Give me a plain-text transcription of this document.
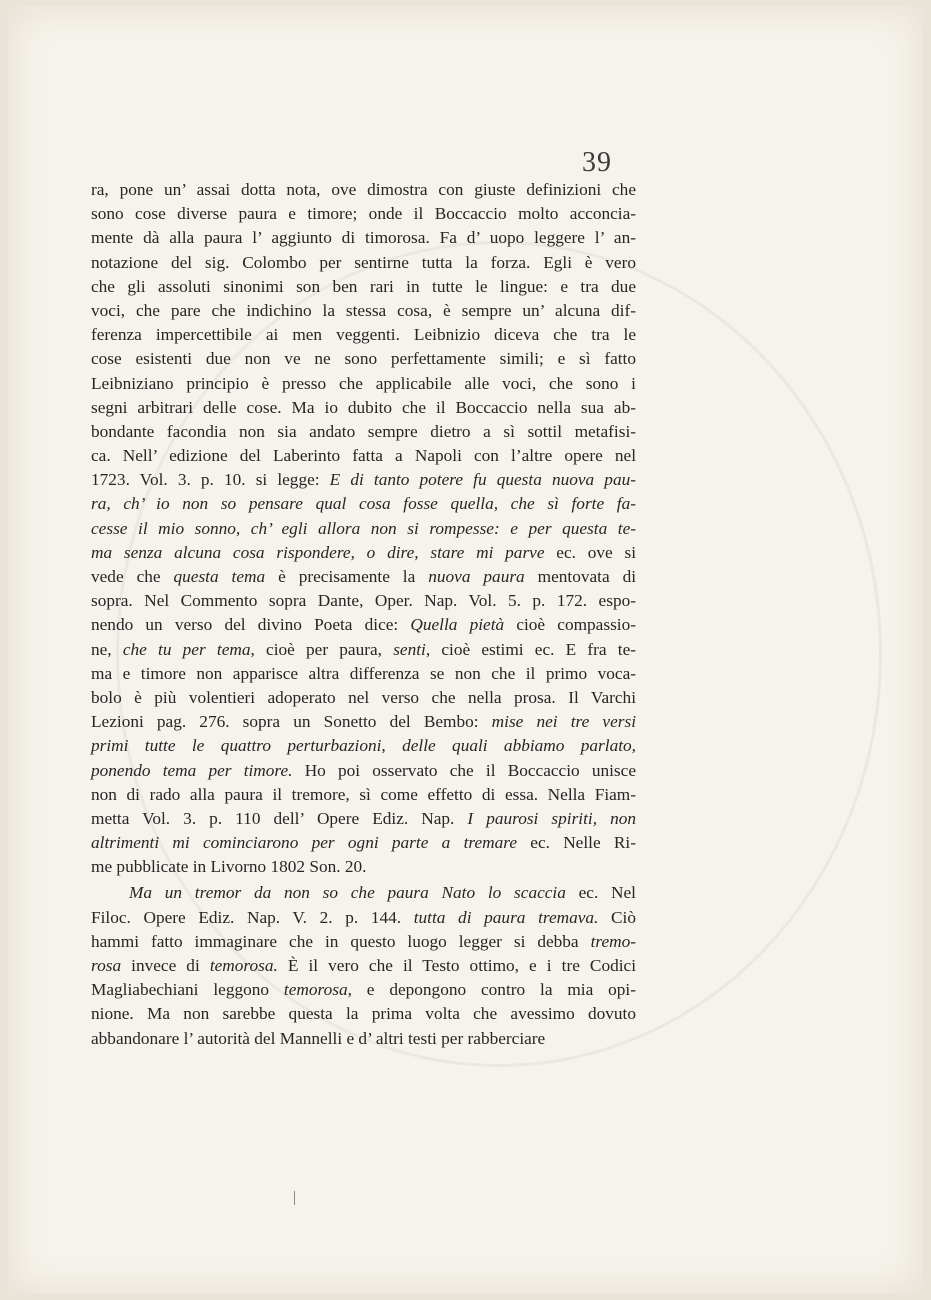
39
ra, pone un’ assai dotta nota, ove dimostra con giuste definizioni che
sono cose diverse paura e timore; onde il Boccaccio molto acconcia-
mente dà alla paura l’ aggiunto di timorosa. Fa d’ uopo leggere l’ an-
notazione del sig. Colombo per sentirne tutta la forza. Egli è vero
che gli assoluti sinonimi son ben rari in tutte le lingue: e tra due
voci, che pare che indichino la stessa cosa, è sempre un’ alcuna dif-
ferenza impercettibile ai men veggenti. Leibnizio diceva che tra le
cose esistenti due non ve ne sono perfettamente simili; e sì fatto
Leibniziano principio è presso che applicabile alle voci, che sono i
segni arbitrari delle cose. Ma io dubito che il Boccaccio nella sua ab-
bondante facondia non sia andato sempre dietro a sì sottil metafisi-
ca. Nell’ edizione del Laberinto fatta a Napoli con l’altre opere nel
1723. Vol. 3. p. 10. si legge: E di tanto potere fu questa nuova pau-
ra, ch’ io non so pensare qual cosa fosse quella, che sì forte fa-
cesse il mio sonno, ch’ egli allora non si rompesse: e per questa te-
ma senza alcuna cosa rispondere, o dire, stare mi parve ec. ove si
vede che questa tema è precisamente la nuova paura mentovata di
sopra. Nel Commento sopra Dante, Oper. Nap. Vol. 5. p. 172. espo-
nendo un verso del divino Poeta dice: Quella pietà cioè compassio-
ne, che tu per tema, cioè per paura, senti, cioè estimi ec. E fra te-
ma e timore non apparisce altra differenza se non che il primo voca-
bolo è più volentieri adoperato nel verso che nella prosa. Il Varchi
Lezioni pag. 276. sopra un Sonetto del Bembo: mise nei tre versi
primi tutte le quattro perturbazioni, delle quali abbiamo parlato,
ponendo tema per timore. Ho poi osservato che il Boccaccio unisce
non di rado alla paura il tremore, sì come effetto di essa. Nella Fiam-
metta Vol. 3. p. 110 dell’ Opere Ediz. Nap. I paurosi spiriti, non
altrimenti mi cominciarono per ogni parte a tremare ec. Nelle Ri-
me pubblicate in Livorno 1802 Son. 20.
Ma un tremor da non so che paura Nato lo scaccia ec. Nel
Filoc. Opere Ediz. Nap. V. 2. p. 144. tutta di paura tremava. Ciò
hammi fatto immaginare che in questo luogo legger si debba tremo-
rosa invece di temorosa. È il vero che il Testo ottimo, e i tre Codici
Magliabechiani leggono temorosa, e depongono contro la mia opi-
nione. Ma non sarebbe questa la prima volta che avessimo dovuto
abbandonare l’ autorità del Mannelli e d’ altri testi per rabberciare
